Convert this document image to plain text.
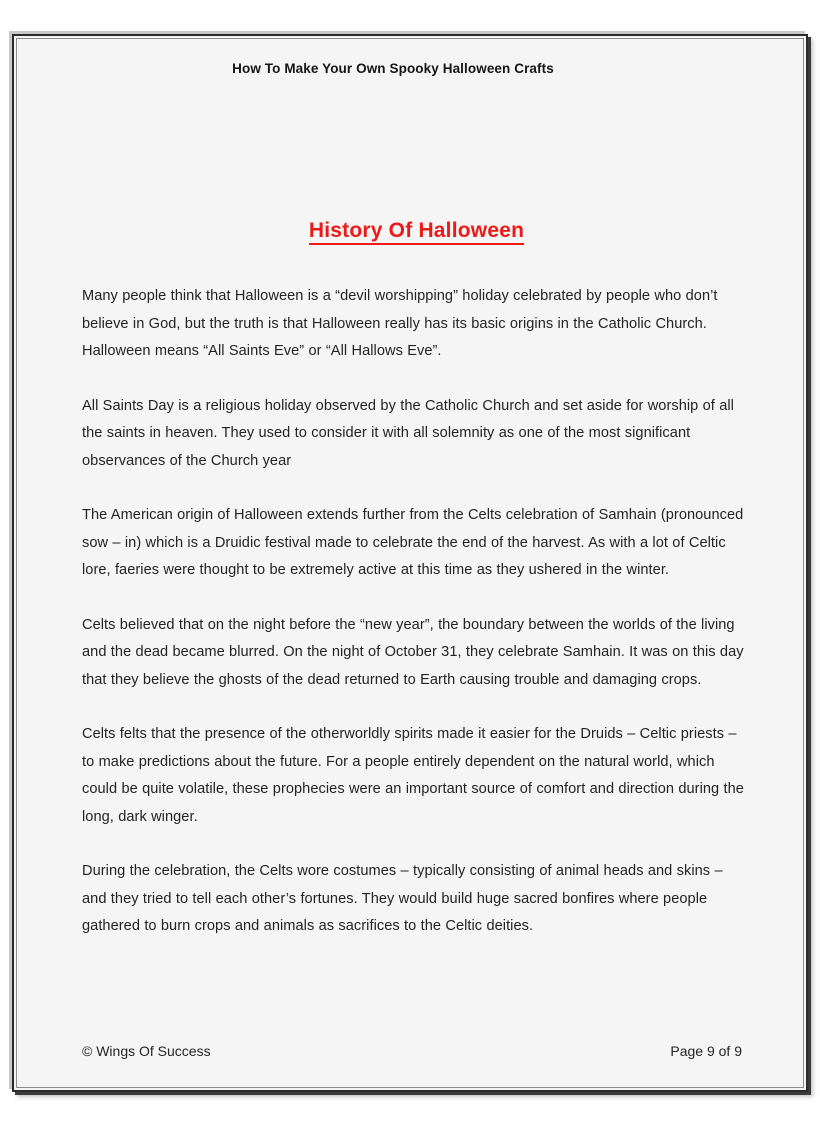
How To Make Your Own Spooky Halloween Crafts
History Of Halloween

Many people think that Halloween is a “devil worshipping” holiday celebrated by people who don’t believe in God, but the truth is that Halloween really has its basic origins in the Catholic Church. Halloween means “All Saints Eve” or “All Hallows Eve”.

All Saints Day is a religious holiday observed by the Catholic Church and set aside for worship of all the saints in heaven. They used to consider it with all solemnity as one of the most significant observances of the Church year

The American origin of Halloween extends further from the Celts celebration of Samhain (pronounced sow – in) which is a Druidic festival made to celebrate the end of the harvest. As with a lot of Celtic lore, faeries were thought to be extremely active at this time as they ushered in the winter.

Celts believed that on the night before the “new year”, the boundary between the worlds of the living and the dead became blurred. On the night of October 31, they celebrate Samhain. It was on this day that they believe the ghosts of the dead returned to Earth causing trouble and damaging crops.

Celts felts that the presence of the otherworldly spirits made it easier for the Druids – Celtic priests – to make predictions about the future. For a people entirely dependent on the natural world, which could be quite volatile, these prophecies were an important source of comfort and direction during the long, dark winger.

During the celebration, the Celts wore costumes – typically consisting of animal heads and skins – and they tried to tell each other’s fortunes. They would build huge sacred bonfires where people gathered to burn crops and animals as sacrifices to the Celtic deities.

© Wings Of Success	Page 9 of 9
